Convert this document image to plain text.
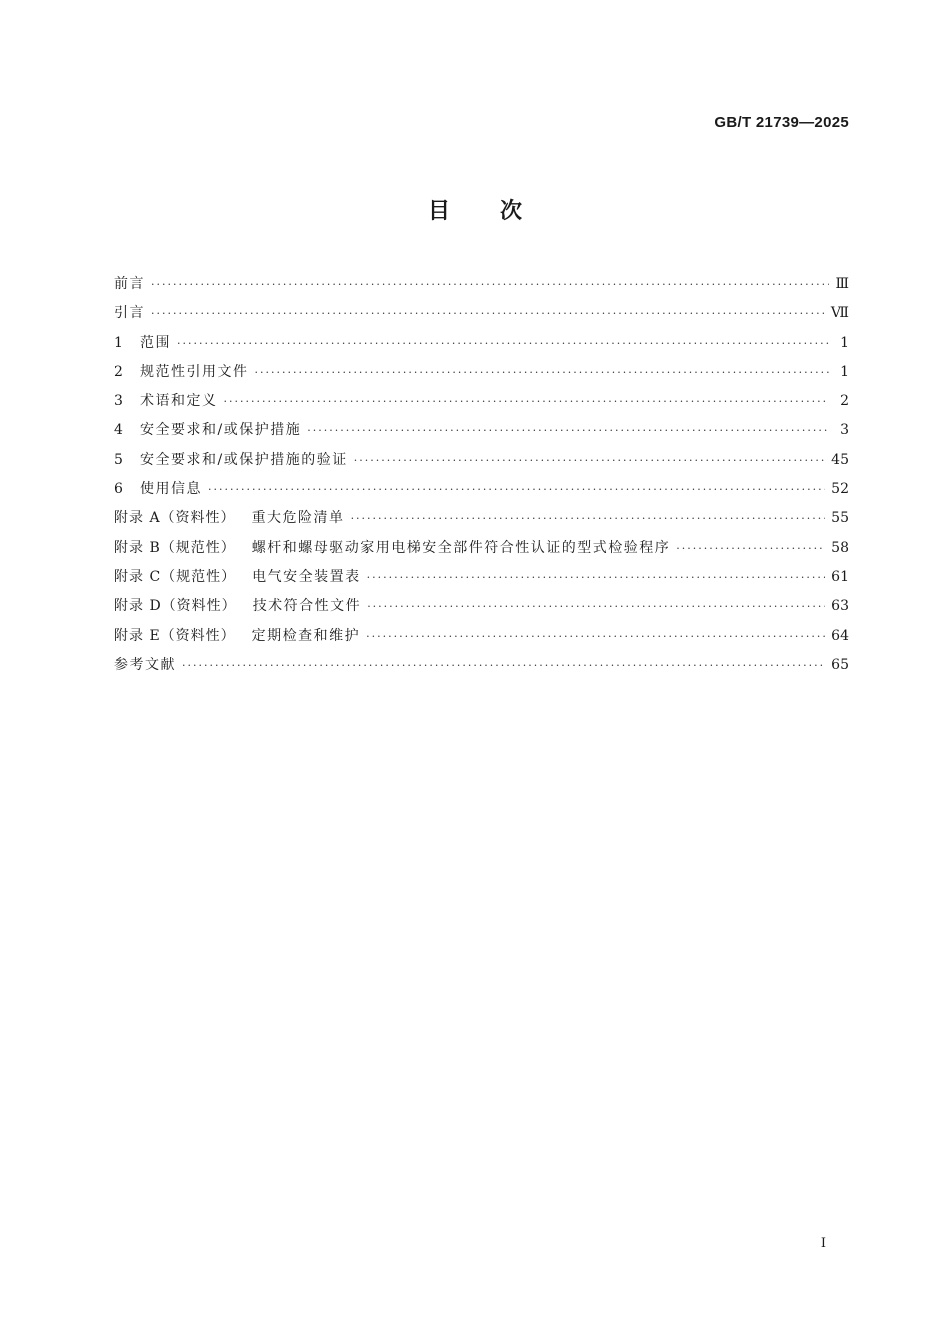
GB/T 21739—2025
目 次
前言 ·····	Ⅲ
引言 ·····	Ⅶ
1	范围 ·····	1
2	规范性引用文件 ·····	1
3	术语和定义 ·····	2
4	安全要求和/或保护措施 ·····	3
5	安全要求和/或保护措施的验证 ·····	45
6	使用信息 ·····	52
附录 A（资料性） 重大危险清单 ·····	55
附录 B（规范性） 螺杆和螺母驱动家用电梯安全部件符合性认证的型式检验程序 ·····	58
附录 C（规范性） 电气安全装置表 ·····	61
附录 D（资料性） 技术符合性文件 ·····	63
附录 E（资料性） 定期检查和维护 ·····	64
参考文献 ·····	65
I
